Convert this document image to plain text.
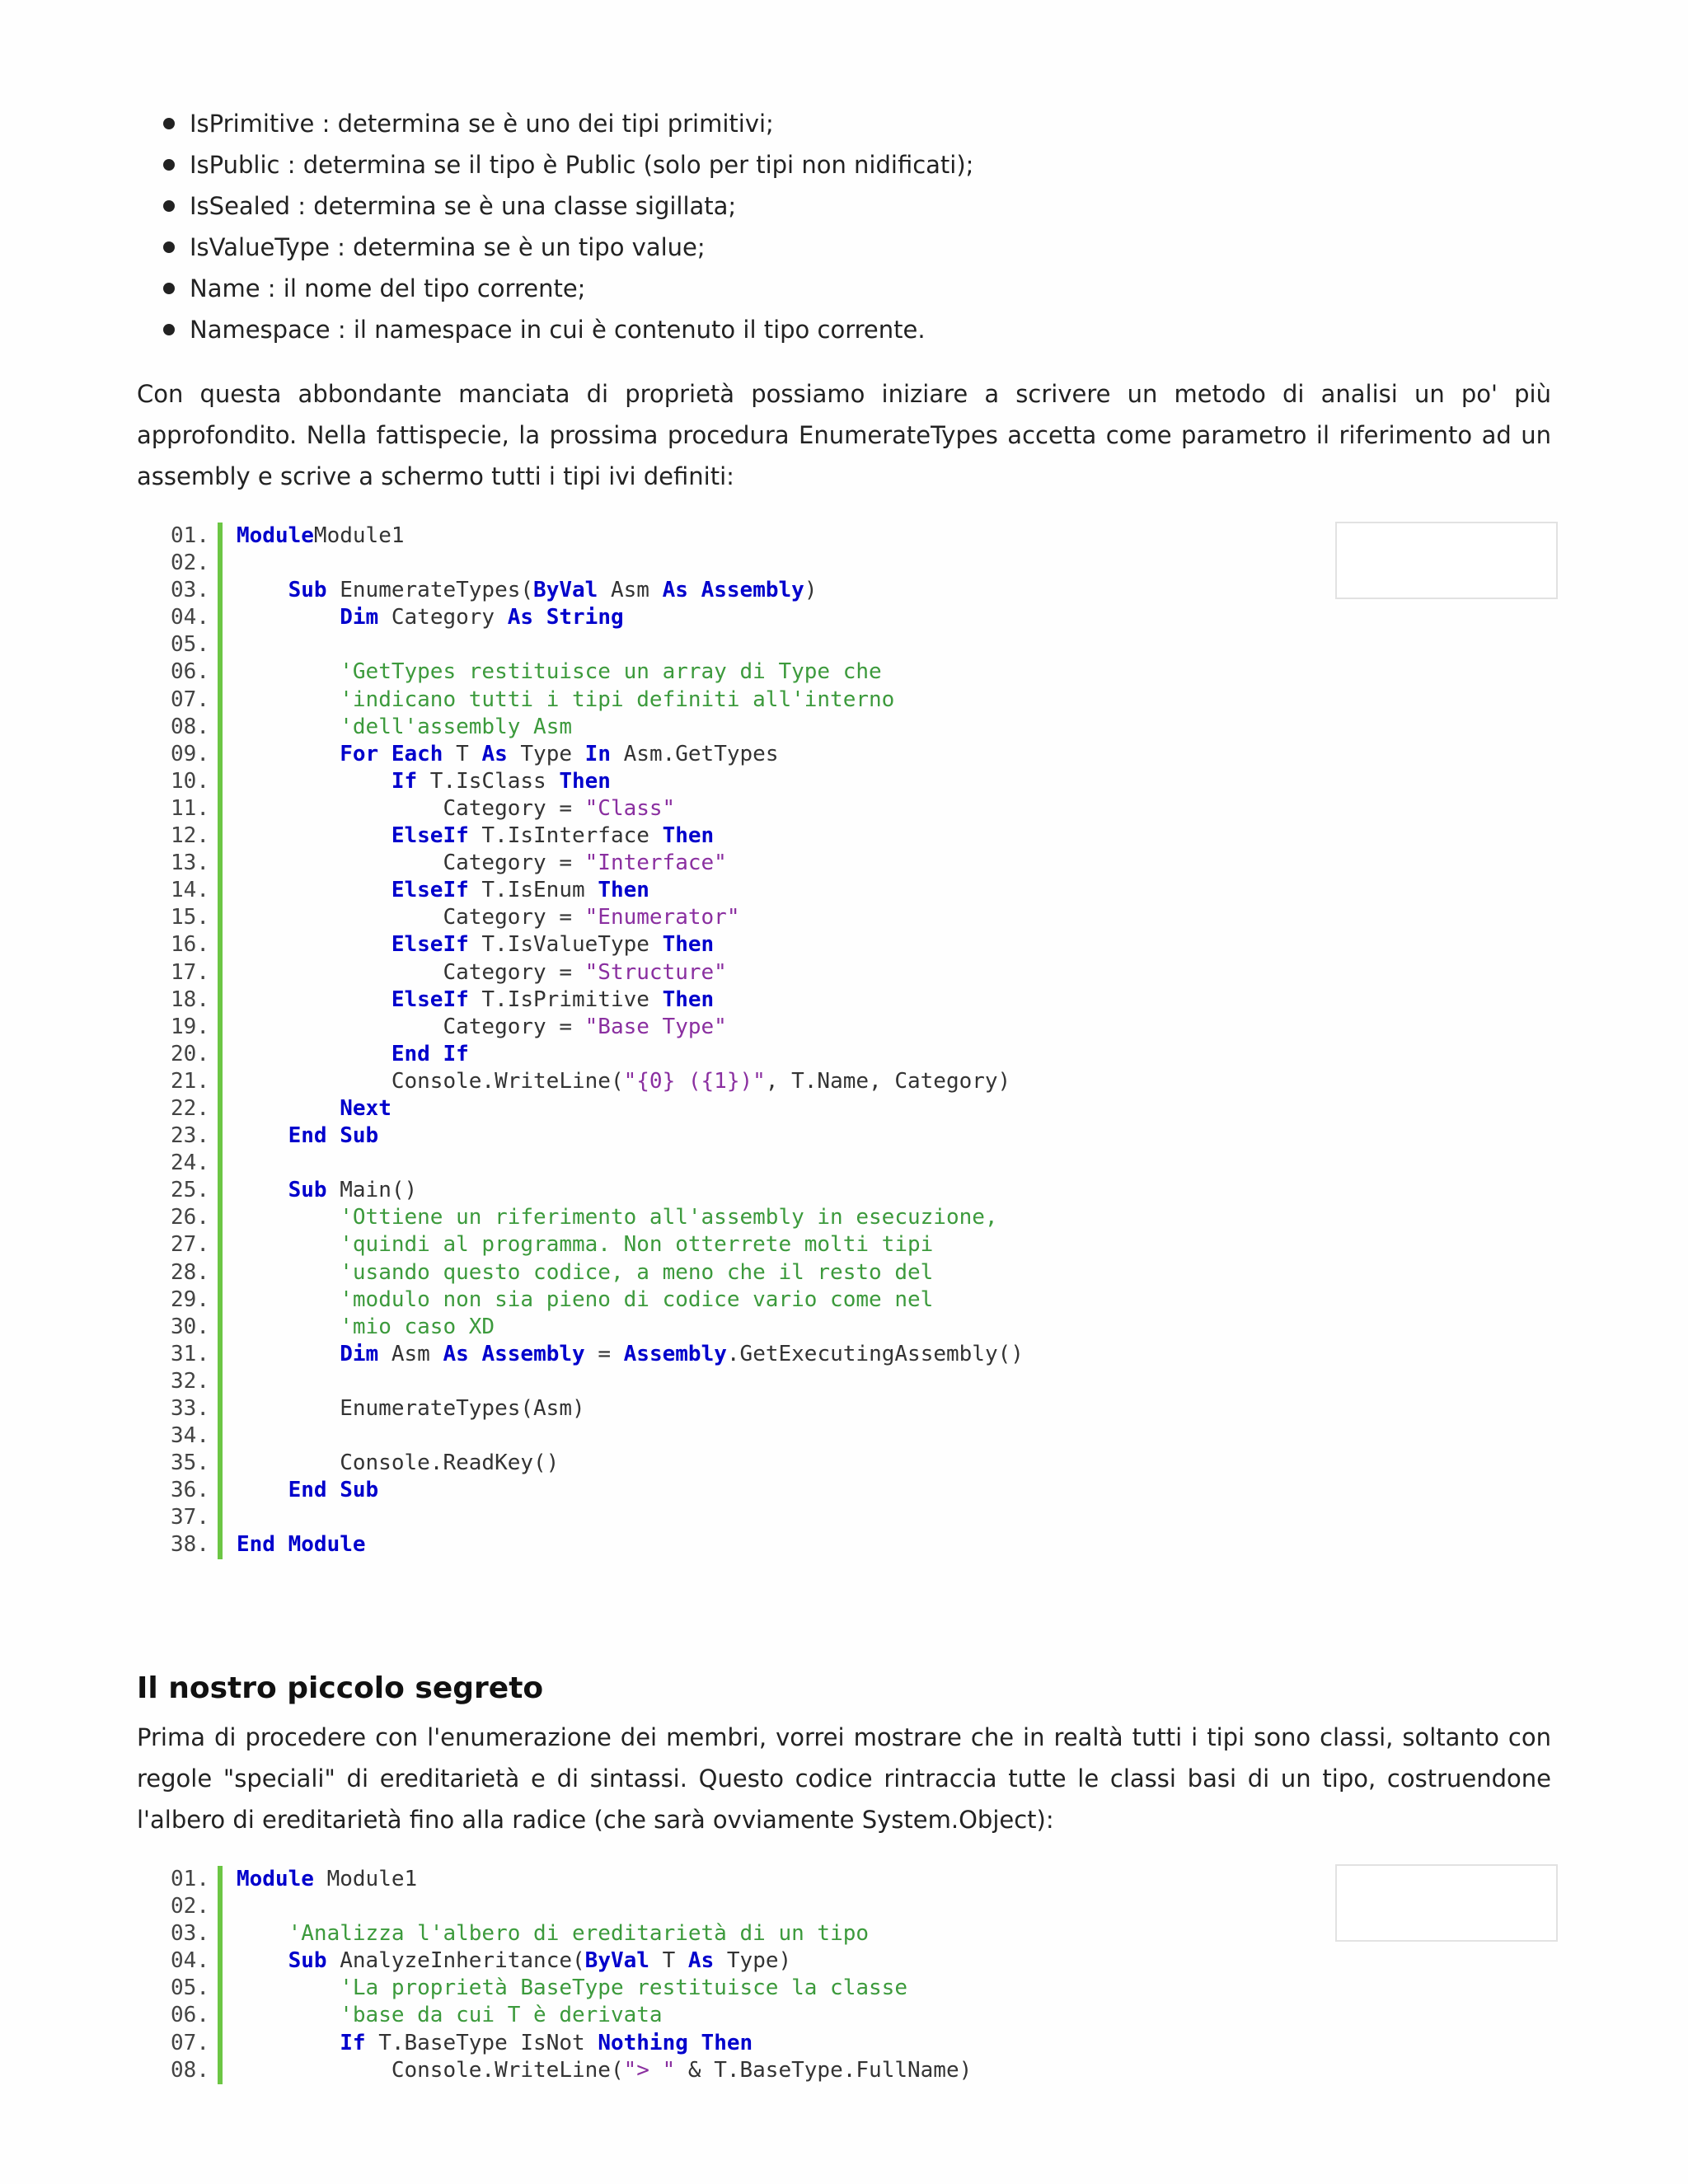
IsPrimitive : determina se è uno dei tipi primitivi;
IsPublic : determina se il tipo è Public (solo per tipi non nidificati);
IsSealed : determina se è una classe sigillata;
IsValueType : determina se è un tipo value;
Name : il nome del tipo corrente;
Namespace : il namespace in cui è contenuto il tipo corrente.

Con questa abbondante manciata di proprietà possiamo iniziare a scrivere un metodo di analisi un po' più approfondito. Nella fattispecie, la prossima procedura EnumerateTypes accetta come parametro il riferimento ad un assembly e scrive a schermo tutti i tipi ivi definiti:

01. ModuleModule1
02.
03.	Sub EnumerateTypes(ByVal Asm As Assembly)
04.	Dim Category As String
05.
06.	'GetTypes restituisce un array di Type che
07.	'indicano tutti i tipi definiti all'interno
08.	'dell'assembly Asm
09.	For Each T As Type In Asm.GetTypes
10.	If T.IsClass Then
11. Category = "Class"
12.	ElseIf T.IsInterface Then
13. Category = "Interface"
14.	ElseIf T.IsEnum Then
15. Category = "Enumerator"
16.	ElseIf T.IsValueType Then
17. Category = "Structure"
18.	ElseIf T.IsPrimitive Then
19. Category = "Base Type"
20.	End If
21. Console.WriteLine("{0} ({1})", T.Name, Category)
22.	Next
23.	End Sub
24.
25.	Sub Main()
26.	'Ottiene un riferimento all'assembly in esecuzione,
27.	'quindi al programma. Non otterrete molti tipi
28.	'usando questo codice, a meno che il resto del
29.	'modulo non sia pieno di codice vario come nel
30.	'mio caso XD
31.	Dim Asm As Assembly = Assembly.GetExecutingAssembly()
32.
33. EnumerateTypes(Asm)
34.
35. Console.ReadKey()
36.	End Sub
37.
38. End Module
Il nostro piccolo segreto

Prima di procedere con l'enumerazione dei membri, vorrei mostrare che in realtà tutti i tipi sono classi, soltanto con regole "speciali" di ereditarietà e di sintassi. Questo codice rintraccia tutte le classi basi di un tipo, costruendone l'albero di ereditarietà fino alla radice (che sarà ovviamente System.Object):

01. Module Module1
02.
03.	'Analizza l'albero di ereditarietà di un tipo
04.	Sub AnalyzeInheritance(ByVal T As Type)
05.	'La proprietà BaseType restituisce la classe
06.	'base da cui T è derivata
07.	If T.BaseType IsNot Nothing Then
08. Console.WriteLine("> " & T.BaseType.FullName)
